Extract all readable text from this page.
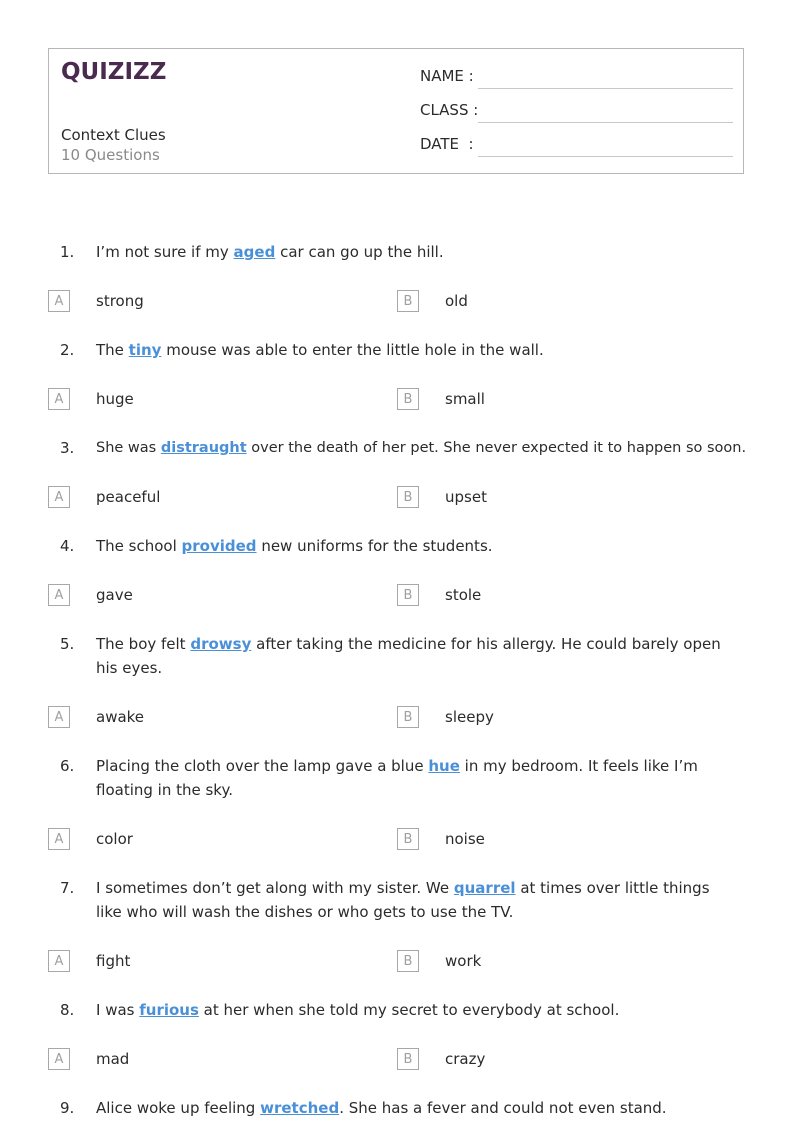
QUIZIZZ
Context Clues
10 Questions
NAME :
CLASS :
DATE  :
1. I’m not sure if my aged car can go up the hill.
A	strong	B	old
2. The tiny mouse was able to enter the little hole in the wall.
A	huge	B	small
3. She was distraught over the death of her pet. She never expected it to happen so soon.
A	peaceful	B	upset
4. The school provided new uniforms for the students.
A	gave	B	stole
5. The boy felt drowsy after taking the medicine for his allergy. He could barely open his eyes.
A	awake	B	sleepy
6. Placing the cloth over the lamp gave a blue hue in my bedroom. It feels like I’m floating in the sky.
A	color	B	noise
7. I sometimes don’t get along with my sister. We quarrel at times over little things like who will wash the dishes or who gets to use the TV.
A	fight	B	work
8. I was furious at her when she told my secret to everybody at school.
A	mad	B	crazy
9. Alice woke up feeling wretched. She has a fever and could not even stand.
